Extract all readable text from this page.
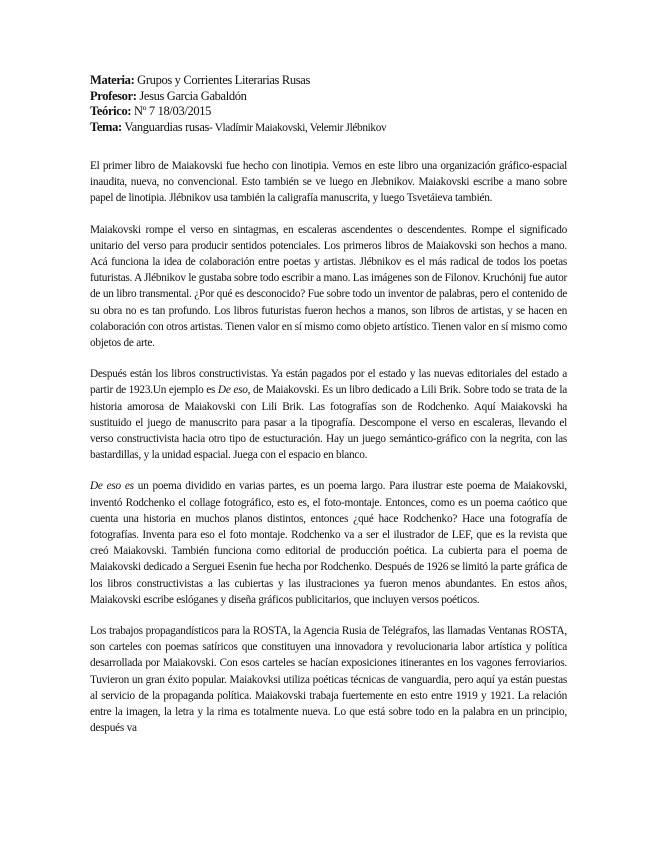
Materia: Grupos y Corrientes Literarias Rusas
Profesor: Jesus Garcia Gabaldón
Teórico: Nº 7 18/03/2015
Tema: Vanguardias rusas- Vladímir Maiakovski, Velemir Jlébnikov

El primer libro de Maiakovski fue hecho con linotipia. Vemos en este libro una organización gráfico-espacial inaudita, nueva, no convencional. Esto también se ve luego en Jlebnikov. Maiakovski escribe a mano sobre papel de linotipia. Jlébnikov usa también la caligrafía manuscrita, y luego Tsvetáieva también.

Maiakovski rompe el verso en sintagmas, en escaleras ascendentes o descendentes. Rompe el significado unitario del verso para producir sentidos potenciales. Los primeros libros de Maiakovski son hechos a mano. Acá funciona la idea de colaboración entre poetas y artistas. Jlébnikov es el más radical de todos los poetas futuristas. A Jlébnikov le gustaba sobre todo escribir a mano. Las imágenes son de Filonov. Kruchónij fue autor de un libro transmental. ¿Por qué es desconocido? Fue sobre todo un inventor de palabras, pero el contenido de su obra no es tan profundo. Los libros futuristas fueron hechos a manos, son libros de artistas, y se hacen en colaboración con otros artistas. Tienen valor en sí mismo como objeto artístico. Tienen valor en sí mismo como objetos de arte.

Después están los libros constructivistas. Ya están pagados por el estado y las nuevas editoriales del estado a partir de 1923.Un ejemplo es De eso, de Maiakovski. Es un libro dedicado a Lili Brik. Sobre todo se trata de la historia amorosa de Maiakovski con Lili Brik. Las fotografías son de Rodchenko. Aquí Maiakovski ha sustituido el juego de manuscrito para pasar a la tipografía. Descompone el verso en escaleras, llevando el verso constructivista hacia otro tipo de estucturación. Hay un juego semántico-gráfico con la negrita, con las bastardillas, y la unidad espacial. Juega con el espacio en blanco.

De eso es un poema dividido en varias partes, es un poema largo. Para ilustrar este poema de Maiakovski, inventó Rodchenko el collage fotográfico, esto es, el foto-montaje. Entonces, como es un poema caótico que cuenta una historia en muchos planos distintos, entonces ¿qué hace Rodchenko? Hace una fotografía de fotografías. Inventa para eso el foto montaje. Rodchenko va a ser el ilustrador de LEF, que es la revista que creó Maiakovski. También funciona como editorial de producción poética. La cubierta para el poema de Maiakovski dedicado a Serguei Esenin fue hecha por Rodchenko. Después de 1926 se limitó la parte gráfica de los libros constructivistas a las cubiertas y las ilustraciones ya fueron menos abundantes. En estos años, Maiakovski escribe eslóganes y diseña gráficos publicitarios, que incluyen versos poéticos.

Los trabajos propagandísticos para la ROSTA, la Agencia Rusia de Telégrafos, las llamadas Ventanas ROSTA, son carteles con poemas satíricos que constituyen una innovadora y revolucionaria labor artística y política desarrollada por Maiakovski. Con esos carteles se hacían exposiciones itinerantes en los vagones ferroviarios. Tuvieron un gran éxito popular. Maiakovksi utiliza poéticas técnicas de vanguardia, pero aquí ya están puestas al servicio de la propaganda política. Maiakovski trabaja fuertemente en esto entre 1919 y 1921. La relación entre la imagen, la letra y la rima es totalmente nueva. Lo que está sobre todo en la palabra en un principio, después va
